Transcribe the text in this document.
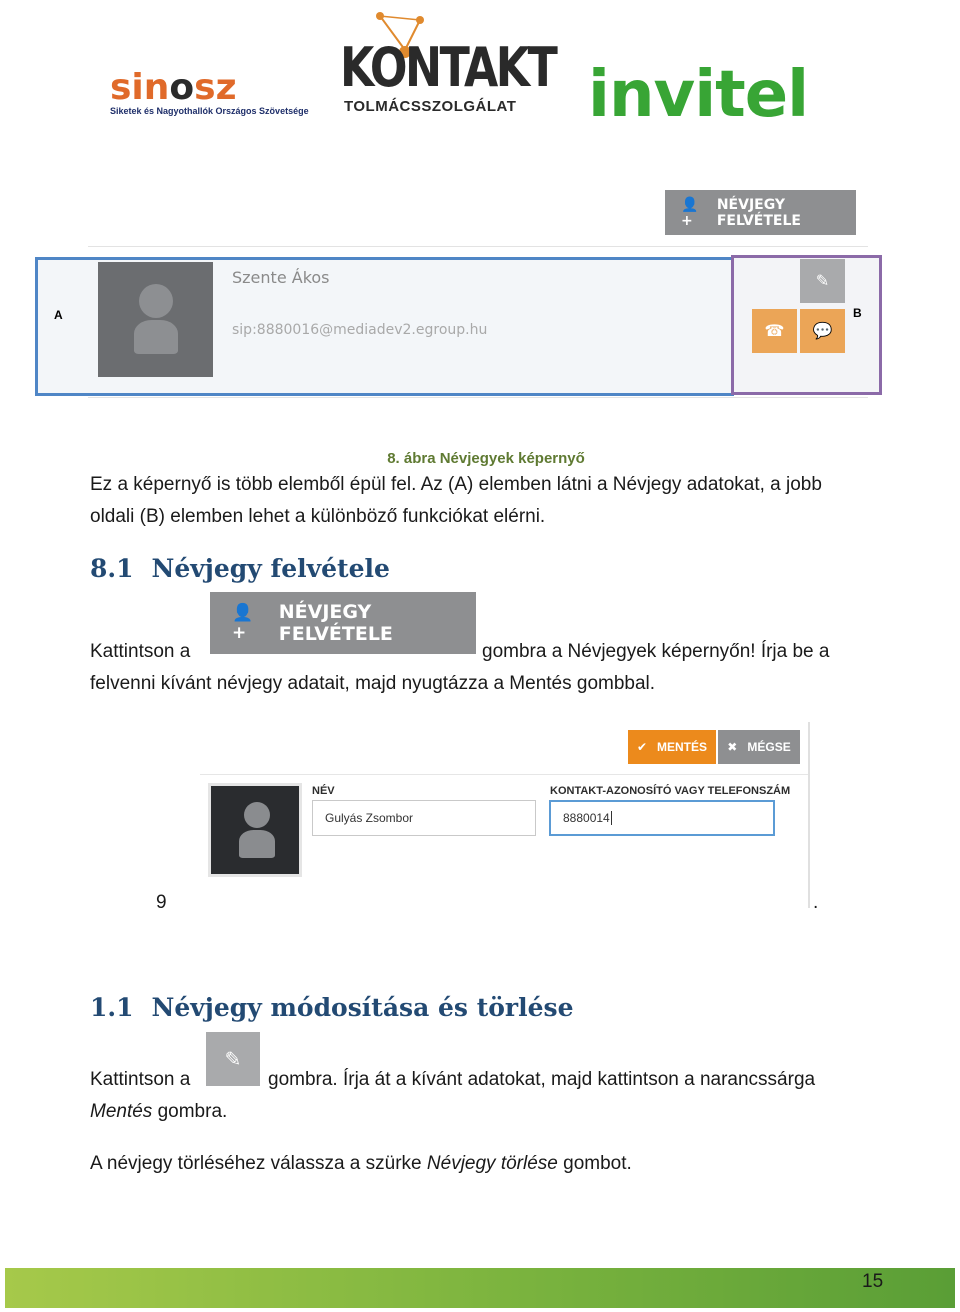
sinosz
Siketek és Nagyothallók Országos Szövetsége
KONTAKT
TOLMÁCSSZOLGÁLAT invitel
👤+
NÉVJEGY FELVÉTELE
A
Szente Ákos
sip:8880016@mediadev2.egroup.hu
B
✎
☎ 💬
8. ábra Névjegyek képernyő
Ez a képernyő is több elemből épül fel. Az (A) elemben látni a Névjegy adatokat, a jobb
oldali (B) elemben lehet a különböző funkciókat elérni.
8.1 Névjegy felvétele
Kattintson a
👤+
NÉVJEGY FELVÉTELE
gombra a Névjegyek képernyőn! Írja be a
felvenni kívánt névjegy adatait, majd nyugtázza a Mentés gombbal.
✔ MENTÉS ✖ MÉGSE
NÉV
Gulyás Zsombor
KONTAKT-AZONOSÍTÓ VAGY TELEFONSZÁM
8880014
9	.
1.1 Névjegy módosítása és törlése
Kattintson a
✎
gombra. Írja át a kívánt adatokat, majd kattintson a narancssárga
Mentés gombra.
A névjegy törléséhez válassza a szürke Névjegy törlése gombot.
15
